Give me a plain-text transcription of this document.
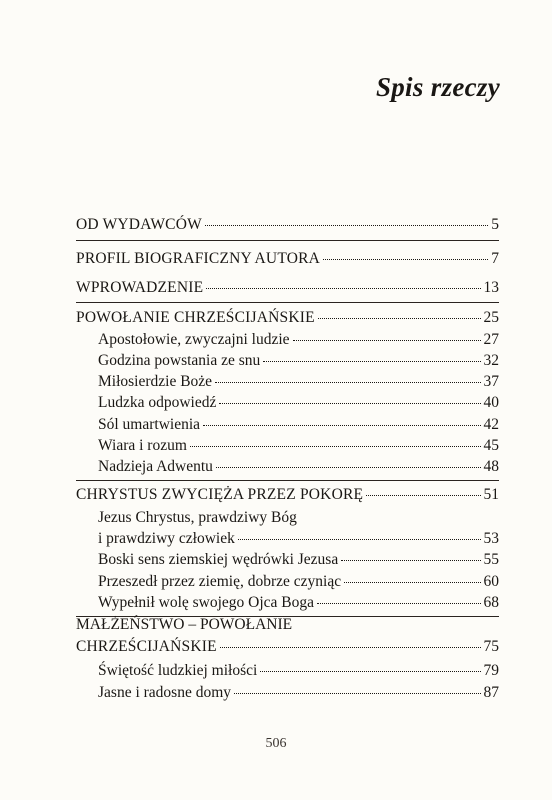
Spis rzeczy
OD WYDAWCÓW	5
PROFIL BIOGRAFICZNY AUTORA	7
WPROWADZENIE	13
POWOŁANIE CHRZEŚCIJAŃSKIE	25
Apostołowie, zwyczajni ludzie	27
Godzina powstania ze snu	32
Miłosierdzie Boże	37
Ludzka odpowiedź	40
Sól umartwienia	42
Wiara i rozum	45
Nadzieja Adwentu	48
CHRYSTUS ZWYCIĘŻA PRZEZ POKORĘ	51
Jezus Chrystus, prawdziwy Bóg
i prawdziwy człowiek	53
Boski sens ziemskiej wędrówki Jezusa	55
Przeszedł przez ziemię, dobrze czyniąc	60
Wypełnił wolę swojego Ojca Boga	68
MAŁŻEŃSTWO – POWOŁANIE
CHRZEŚCIJAŃSKIE	75
Świętość ludzkiej miłości	79
Jasne i radosne domy	87
506
